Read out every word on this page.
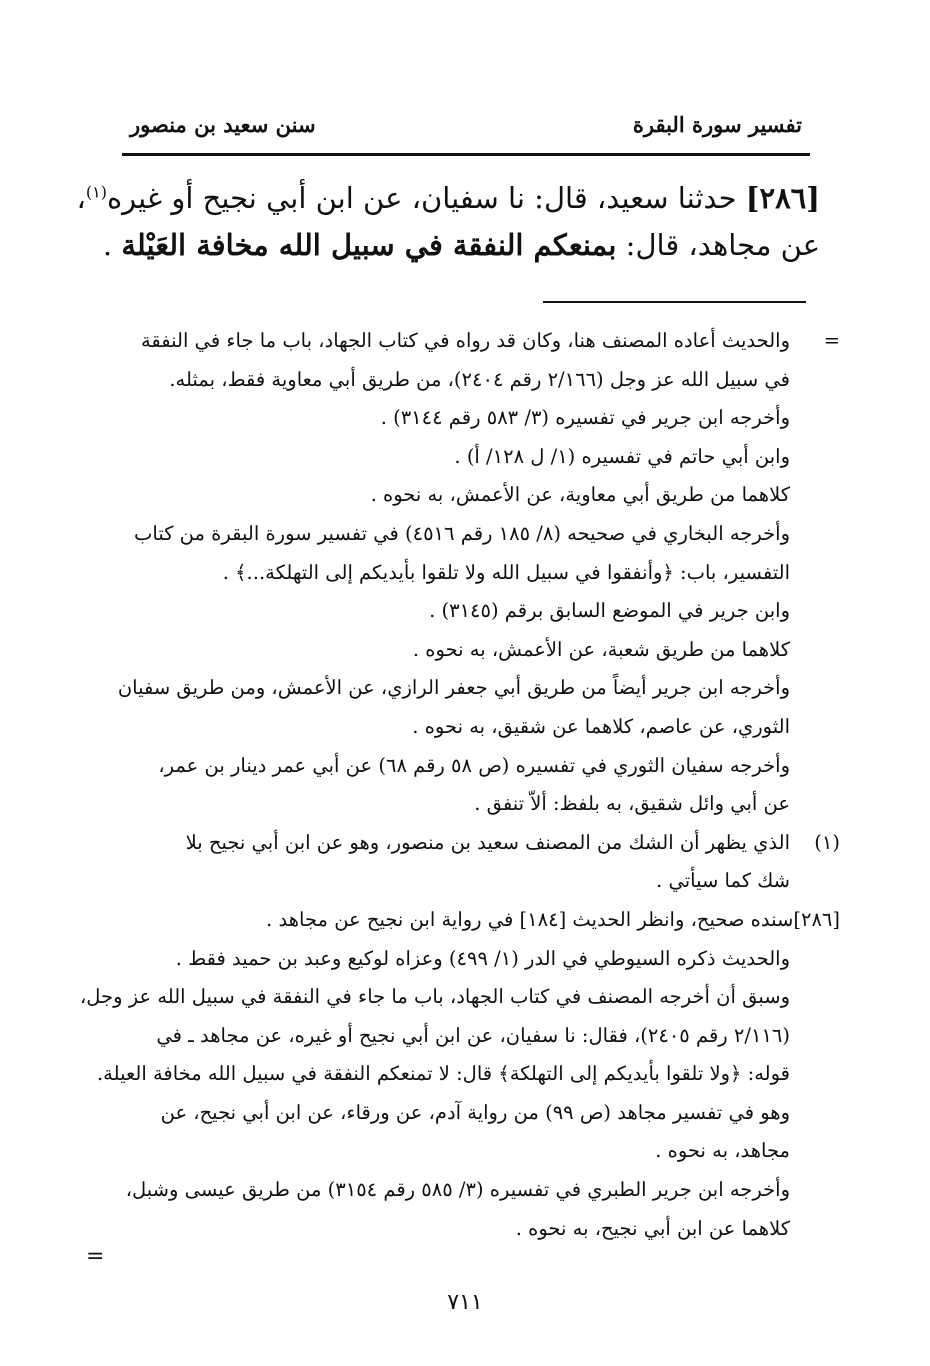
تفسير سورة البقرة
سنن سعيد بن منصور
[٢٨٦] حدثنا سعيد، قال: نا سفيان، عن ابن أبي نجيح أو غيره$^{(١)}$،
عن مجاهد، قال: بمنعكم النفقة في سبيل الله مخافة العَيْلة .
=
والحديث أعاده المصنف هنا، وكان قد رواه في كتاب الجهاد، باب ما جاء في النفقة
في سبيل الله عز وجل (٢/١٦٦ رقم ٢٤٠٤)، من طريق أبي معاوية فقط، بمثله.
وأخرجه ابن جرير في تفسيره (٣/ ٥٨٣ رقم ٣١٤٤) .
وابن أبي حاتم في تفسيره (١/ ل ١٢٨/ أ) .
كلاهما من طريق أبي معاوية، عن الأعمش، به نحوه .
وأخرجه البخاري في صحيحه (٨/ ١٨٥ رقم ٤٥١٦) في تفسير سورة البقرة من كتاب
التفسير، باب: ﴿وأنفقوا في سبيل الله ولا تلقوا بأيديكم إلى التهلكة...﴾ .
وابن جرير في الموضع السابق برقم (٣١٤٥) .
كلاهما من طريق شعبة، عن الأعمش، به نحوه .
وأخرجه ابن جرير أيضاً من طريق أبي جعفر الرازي، عن الأعمش، ومن طريق سفيان
الثوري، عن عاصم، كلاهما عن شقيق، به نحوه .
وأخرجه سفيان الثوري في تفسيره (ص ٥٨ رقم ٦٨) عن أبي عمر دينار بن عمر،
عن أبي وائل شقيق، به بلفظ: ألاّ تنفق .
(١)
الذي يظهر أن الشك من المصنف سعيد بن منصور، وهو عن ابن أبي نجيح بلا
شك كما سيأتي .
[٢٨٦]سنده صحيح، وانظر الحديث [١٨٤] في رواية ابن نجيح عن مجاهد .
والحديث ذكره السيوطي في الدر (١/ ٤٩٩) وعزاه لوكيع وعبد بن حميد فقط .
وسبق أن أخرجه المصنف في كتاب الجهاد، باب ما جاء في النفقة في سبيل الله عز وجل،
(٢/١١٦ رقم ٢٤٠٥)، فقال: نا سفيان، عن ابن أبي نجيح أو غيره، عن مجاهد ـ في
قوله: ﴿ولا تلقوا بأيديكم إلى التهلكة﴾ قال: لا تمنعكم النفقة في سبيل الله مخافة العيلة.
وهو في تفسير مجاهد (ص ٩٩) من رواية آدم، عن ورقاء، عن ابن أبي نجيح، عن
مجاهد، به نحوه .
وأخرجه ابن جرير الطبري في تفسيره (٣/ ٥٨٥ رقم ٣١٥٤) من طريق عيسى وشبل،
كلاهما عن ابن أبي نجيح، به نحوه .
=
٧١١
